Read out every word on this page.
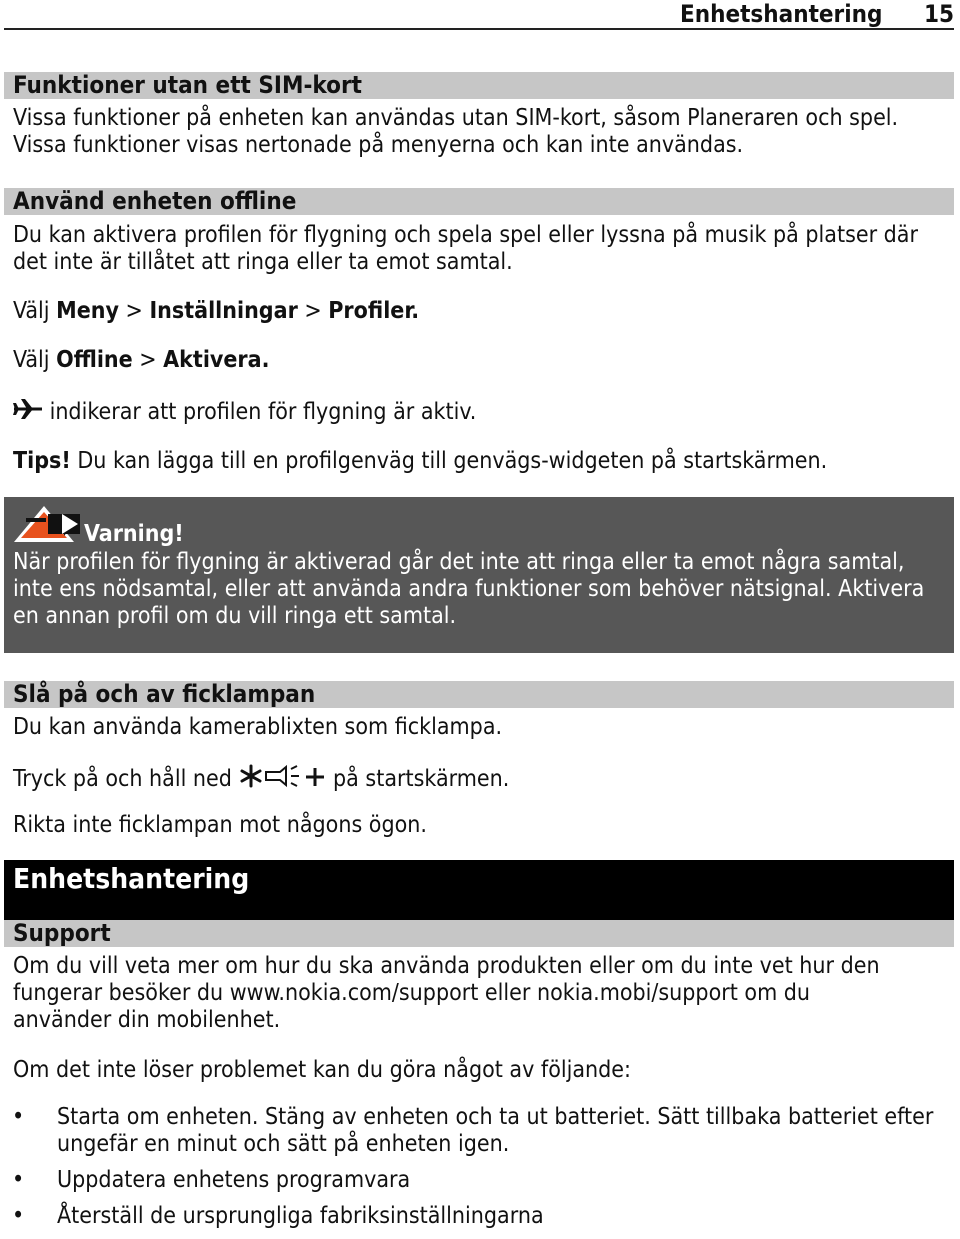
Enhetshantering 15
Funktioner utan ett SIM-kort

Vissa funktioner på enheten kan användas utan SIM-kort, såsom Planeraren och spel.

Vissa funktioner visas nertonade på menyerna och kan inte användas.

Använd enheten offline

Du kan aktivera profilen för flygning och spela spel eller lyssna på musik på platser där

det inte är tillåtet att ringa eller ta emot samtal.

Välj Meny > Inställningar > Profiler.

Välj Offline > Aktivera.

indikerar att profilen för flygning är aktiv.

Tips! Du kan lägga till en profilgenväg till genvägs-widgeten på startskärmen.

Varning!

När profilen för flygning är aktiverad går det inte att ringa eller ta emot några samtal,

inte ens nödsamtal, eller att använda andra funktioner som behöver nätsignal. Aktivera

en annan profil om du vill ringa ett samtal.

Slå på och av ficklampan

Du kan använda kamerablixten som ficklampa.

Tryck på och håll ned	på startskärmen.

Rikta inte ficklampan mot någons ögon.

Enhetshantering
Support

Om du vill veta mer om hur du ska använda produkten eller om du inte vet hur den

fungerar besöker du www.nokia.com/support eller nokia.mobi/support om du

använder din mobilenhet.

Om det inte löser problemet kan du göra något av följande:

• Starta om enheten. Stäng av enheten och ta ut batteriet. Sätt tillbaka batteriet efter
ungefär en minut och sätt på enheten igen.
• Uppdatera enhetens programvara
• Återställ de ursprungliga fabriksinställningarna
